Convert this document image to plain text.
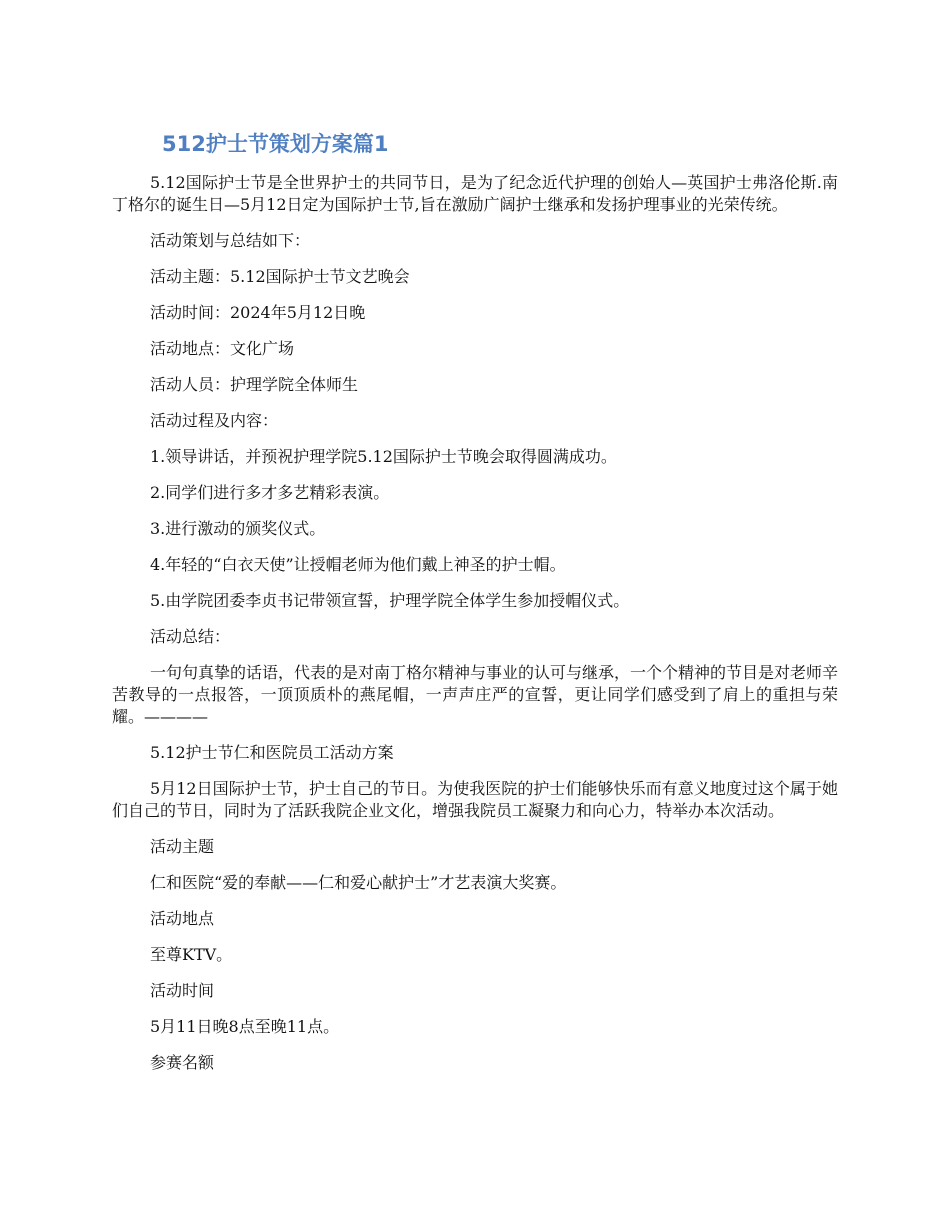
512护士节策划方案篇1

5.12国际护士节是全世界护士的共同节日，是为了纪念近代护理的创始人—英国护士弗洛伦斯.南丁格尔的诞生日—5月12日定为国际护士节,旨在激励广阔护士继承和发扬护理事业的光荣传统。

活动策划与总结如下：

活动主题：5.12国际护士节文艺晚会

活动时间：2024年5月12日晚

活动地点：文化广场

活动人员：护理学院全体师生

活动过程及内容：

1.领导讲话，并预祝护理学院5.12国际护士节晚会取得圆满成功。

2.同学们进行多才多艺精彩表演。

3.进行激动的颁奖仪式。

4.年轻的“白衣天使”让授帽老师为他们戴上神圣的护士帽。

5.由学院团委李贞书记带领宣誓，护理学院全体学生参加授帽仪式。

活动总结：

一句句真挚的话语，代表的是对南丁格尔精神与事业的认可与继承，一个个精神的节目是对老师辛苦教导的一点报答，一顶顶质朴的燕尾帽，一声声庄严的宣誓，更让同学们感受到了肩上的重担与荣耀。————

5.12护士节仁和医院员工活动方案

5月12日国际护士节，护士自己的节日。为使我医院的护士们能够快乐而有意义地度过这个属于她们自己的节日，同时为了活跃我院企业文化，增强我院员工凝聚力和向心力，特举办本次活动。

活动主题

仁和医院“爱的奉献——仁和爱心献护士”才艺表演大奖赛。

活动地点

至尊KTV。

活动时间

5月11日晚8点至晚11点。

参赛名额
